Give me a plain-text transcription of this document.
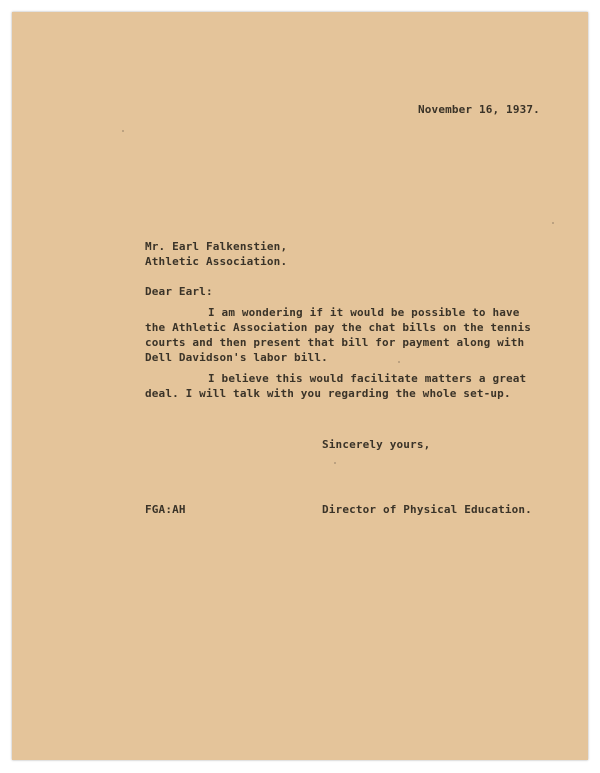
November 16, 1937.
Mr. Earl Falkenstien,
Athletic Association.
Dear Earl:
I am wondering if it would be possible to have
the Athletic Association pay the chat bills on the tennis
courts and then present that bill for payment along with
Dell Davidson's labor bill.
I believe this would facilitate matters a great
deal. I will talk with you regarding the whole set-up.
Sincerely yours,
FGA:AH	Director of Physical Education.
